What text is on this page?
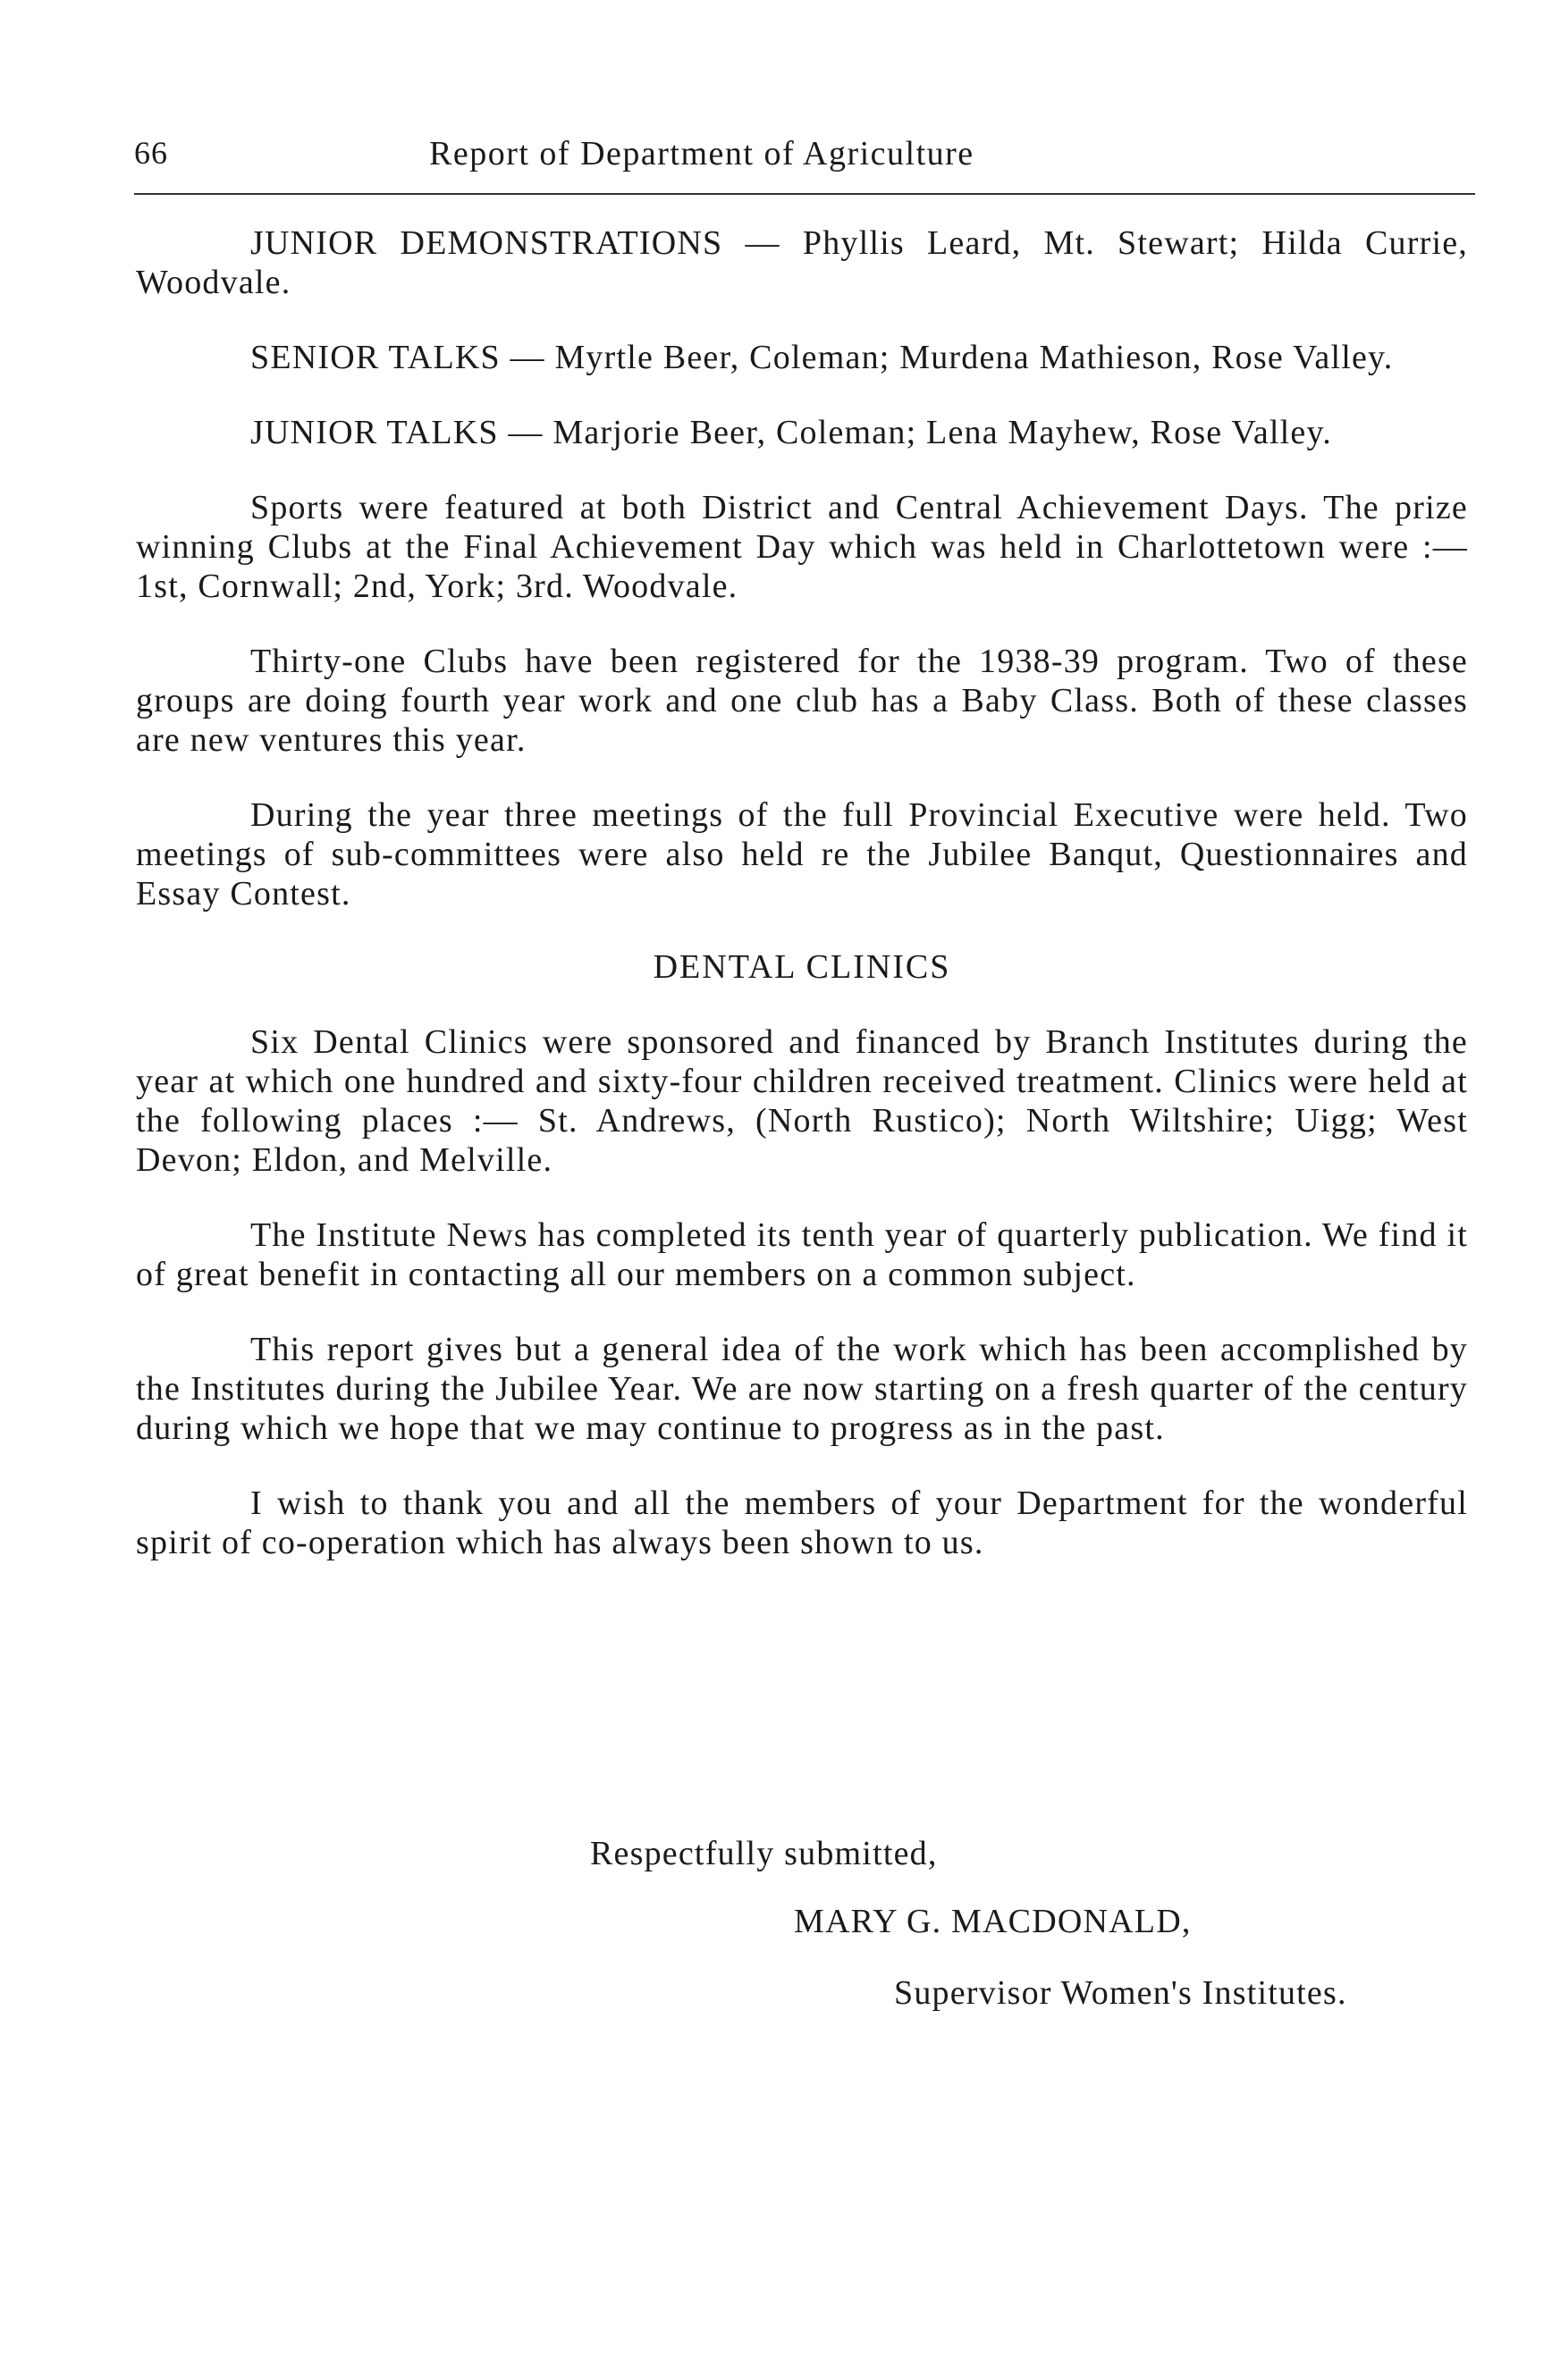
66	Report of Department of Agriculture

JUNIOR DEMONSTRATIONS — Phyllis Leard, Mt. Stewart; Hilda Currie, Woodvale.

SENIOR TALKS — Myrtle Beer, Coleman; Murdena Mathieson, Rose Valley.

JUNIOR TALKS — Marjorie Beer, Coleman; Lena Mayhew, Rose Valley.

Sports were featured at both District and Central Achievement Days. The prize winning Clubs at the Final Achievement Day which was held in Charlottetown were :— 1st, Cornwall; 2nd, York; 3rd. Woodvale.

Thirty-one Clubs have been registered for the 1938-39 program. Two of these groups are doing fourth year work and one club has a Baby Class. Both of these classes are new ventures this year.

During the year three meetings of the full Provincial Executive were held. Two meetings of sub-committees were also held re the Jubilee Banqut, Questionnaires and Essay Contest.

DENTAL CLINICS

Six Dental Clinics were sponsored and financed by Branch Institutes during the year at which one hundred and sixty-four children received treatment. Clinics were held at the following places :— St. Andrews, (North Rustico); North Wiltshire; Uigg; West Devon; Eldon, and Melville.

The Institute News has completed its tenth year of quarterly publication. We find it of great benefit in contacting all our members on a common subject.

This report gives but a general idea of the work which has been accomplished by the Institutes during the Jubilee Year. We are now starting on a fresh quarter of the century during which we hope that we may continue to progress as in the past.

I wish to thank you and all the members of your Department for the wonderful spirit of co-operation which has always been shown to us.

Respectfully submitted,
MARY G. MACDONALD,
Supervisor Women's Institutes.
